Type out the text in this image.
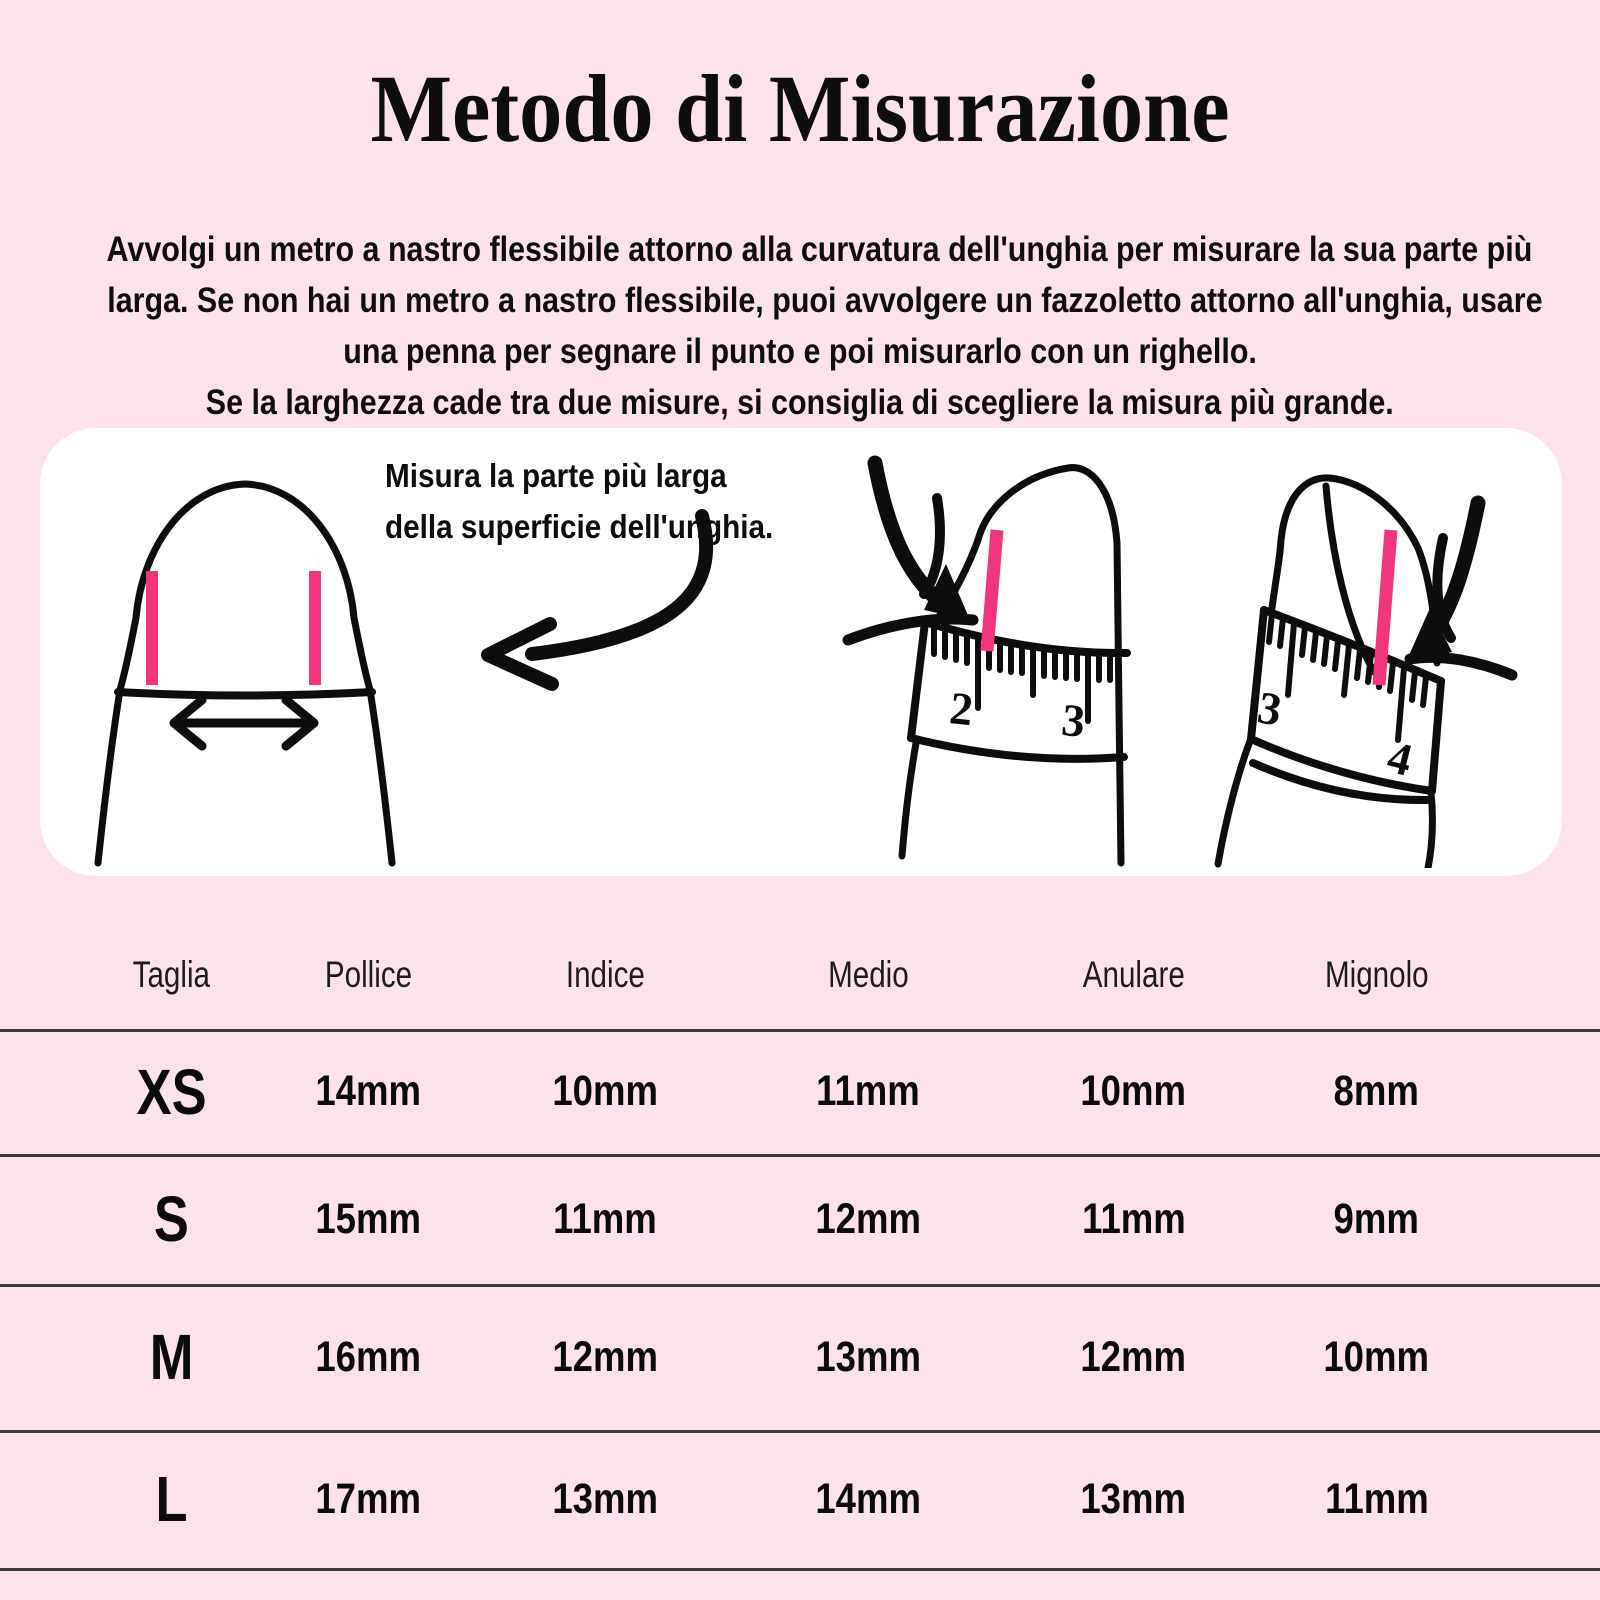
Metodo di Misurazione
Avvolgi un metro a nastro flessibile attorno alla curvatura dell'unghia per misurare la sua parte più
larga. Se non hai un metro a nastro flessibile, puoi avvolgere un fazzoletto attorno all'unghia, usare
una penna per segnare il punto e poi misurarlo con un righello.
Se la larghezza cade tra due misure, si consiglia di scegliere la misura più grande.
Misura la parte più larga
della superficie dell'unghia.
2 3	3
4
Taglia	Pollice	Indice	Medio	Anulare	Mignolo
XS	14mm	10mm	11mm	10mm	8mm
S	15mm	11mm	12mm	11mm	9mm
M	16mm	12mm	13mm	12mm	10mm
L	17mm	13mm	14mm	13mm	11mm
